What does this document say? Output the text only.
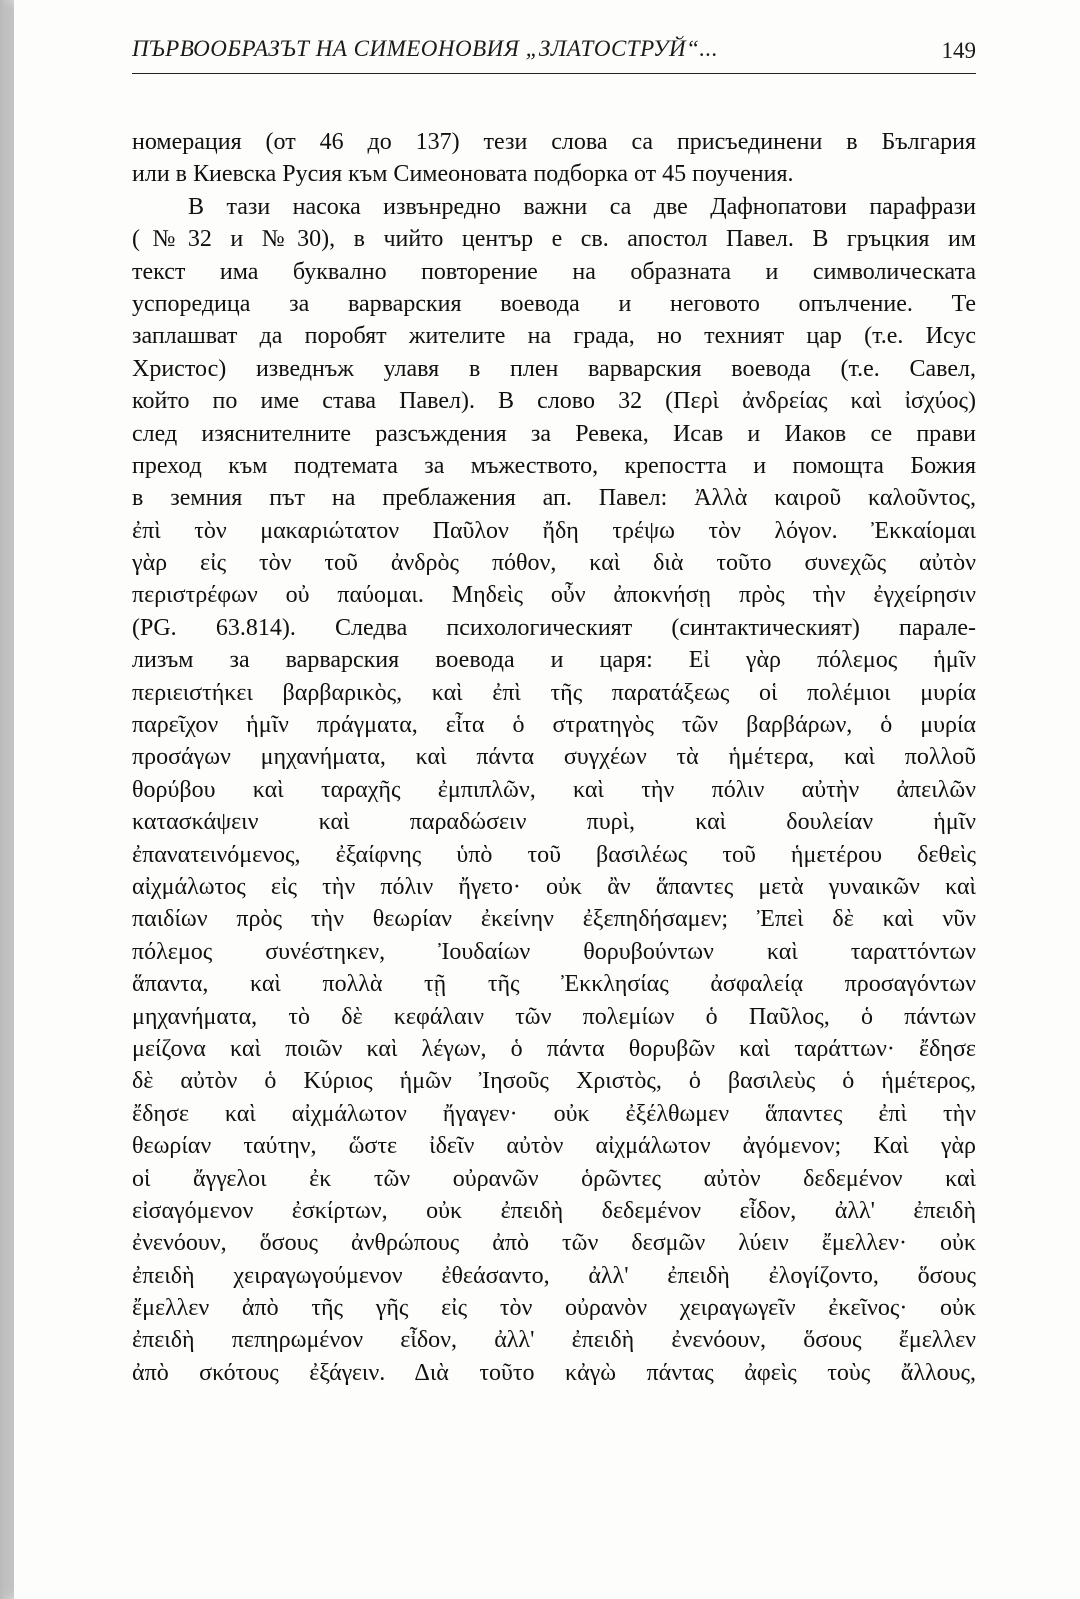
ПЪРВООБРАЗЪТ НА СИМЕОНОВИЯ „ЗЛАТОСТРУЙ“...	149
номерация (от 46 до 137) тези слова са присъединени в България
или в Киевска Русия към Симеоновата подборка от 45 поучения.
В тази насока извънредно важни са две Дафнопатови парафрази
(№32 и №30), в чийто център е св. апостол Павел. В гръцкия им
текст има буквално повторение на образната и символическата
успоредица за варварския воевода и неговото опълчение. Те
заплашват да поробят жителите на града, но техният цар (т.е. Исус
Христос) изведнъж улавя в плен варварския воевода (т.е. Савел,
който по име става Павел). В слово 32 (Περὶ ἀνδρείας καὶ ἰσχύος)
след изяснителните разсъждения за Ревека, Исав и Иаков се прави
преход към подтемата за мъжеството, крепостта и помощта Божия
в земния път на преблажения ап. Павел: Ἀλλὰ καιροῦ καλοῦντος,
ἐπὶ τὸν μακαριώτατον Παῦλον ἤδη τρέψω τὸν λόγον. Ἐκκαίομαι
γὰρ εἰς τὸν τοῦ ἀνδρὸς πόθον, καὶ διὰ τοῦτο συνεχῶς αὐτὸν
περιστρέφων οὐ παύομαι. Μηδεὶς οὖν ἀποκνήσῃ πρὸς τὴν ἐγχείρησιν
(PG. 63.814). Следва психологическият (синтактическият) парале-
лизъм за варварския воевода и царя: Εἰ γὰρ πόλεμος ἡμῖν
περιειστήκει βαρβαρικὸς, καὶ ἐπὶ τῆς παρατάξεως οἱ πολέμιοι μυρία
παρεῖχον ἡμῖν πράγματα, εἶτα ὁ στρατηγὸς τῶν βαρβάρων, ὁ μυρία
προσάγων μηχανήματα, καὶ πάντα συγχέων τὰ ἡμέτερα, καὶ πολλοῦ
θορύβου καὶ ταραχῆς ἐμπιπλῶν, καὶ τὴν πόλιν αὐτὴν ἀπειλῶν
κατασκάψειν καὶ παραδώσειν πυρὶ, καὶ δουλείαν ἡμῖν
ἐπανατεινόμενος, ἐξαίφνης ὑπὸ τοῦ βασιλέως τοῦ ἡμετέρου δεθεὶς
αἰχμάλωτος εἰς τὴν πόλιν ἤγετο· οὐκ ἂν ἅπαντες μετὰ γυναικῶν καὶ
παιδίων πρὸς τὴν θεωρίαν ἐκείνην ἐξεπηδήσαμεν; Ἐπεὶ δὲ καὶ νῦν
πόλεμος συνέστηκεν, Ἰουδαίων θορυβούντων καὶ ταραττόντων
ἅπαντα, καὶ πολλὰ τῇ τῆς Ἐκκλησίας ἀσφαλείᾳ προσαγόντων
μηχανήματα, τὸ δὲ κεφάλαιν τῶν πολεμίων ὁ Παῦλος, ὁ πάντων
μείζονα καὶ ποιῶν καὶ λέγων, ὁ πάντα θορυβῶν καὶ ταράττων· ἔδησε
δὲ αὐτὸν ὁ Κύριος ἡμῶν Ἰησοῦς Χριστὸς, ὁ βασιλεὺς ὁ ἡμέτερος,
ἔδησε καὶ αἰχμάλωτον ἤγαγεν· οὐκ ἐξέλθωμεν ἅπαντες ἐπὶ τὴν
θεωρίαν ταύτην, ὥστε ἰδεῖν αὐτὸν αἰχμάλωτον ἀγόμενον; Καὶ γὰρ
οἱ ἄγγελοι ἐκ τῶν οὐρανῶν ὁρῶντες αὐτὸν δεδεμένον καὶ
εἰσαγόμενον ἐσκίρτων, οὐκ ἐπειδὴ δεδεμένον εἶδον, ἀλλ' ἐπειδὴ
ἐνενόουν, ὅσους ἀνθρώπους ἀπὸ τῶν δεσμῶν λύειν ἔμελλεν· οὐκ
ἐπειδὴ χειραγωγούμενον ἐθεάσαντο, ἀλλ' ἐπειδὴ ἐλογίζοντο, ὅσους
ἔμελλεν ἀπὸ τῆς γῆς εἰς τὸν οὐρανὸν χειραγωγεῖν ἐκεῖνος· οὐκ
ἐπειδὴ πεπηρωμένον εἶδον, ἀλλ' ἐπειδὴ ἐνενόουν, ὅσους ἔμελλεν
ἀπὸ σκότους ἐξάγειν. Διὰ τοῦτο κἀγὼ πάντας ἀφεὶς τοὺς ἄλλους,
